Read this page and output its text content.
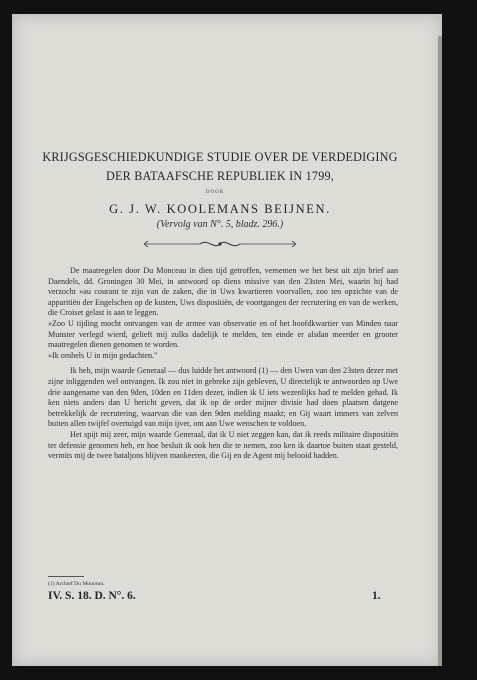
KRIJGSGESCHIEDKUNDIGE STUDIE OVER DE VERDEDIGING
DER BATAAFSCHE REPUBLIEK IN 1799,
DOOR
G. J. W. KOOLEMANS BEIJNEN.
(Vervolg van N°. 5, bladz. 296.)

De maatregelen door Du Monceau in dien tijd getroffen, vernemen we het best uit zijn brief aan Daendels, dd. Groningen 30 Mei, in antwoord op diens missive van den 23sten Mei, waarin hij had verzocht »au courant te zijn van de zaken, die in Uws kwartieren voorvallen, zoo ten opzichte van de apparitiën der Engelschen op de kusten, Uws dispositiën, de voortgangen der recrutering en van de werken, die Croiset gelast is aan te leggen.

»Zoo U tijding mocht ontvangen van de armee van observatie en of het hoofdkwartier van Minden naar Munster verlegd wierd, gelieft mij zulks dadelijk te melden, ten einde er alsdan meerder en grooter maatregelen dienen genomen te worden.

»Ik omhels U in mijn gedachten."

Ik heb, mijn waarde Generaal — dus luidde het antwoord (1) — den Uwen van den 23sten dezer met zijne inliggenden wel ontvangen. Ik zou niet in gebreke zijn gebleven, U directelijk te antwoorden op Uwe drie aangename van den 9den, 10den en 11den dezer, indien ik U iets wezenlijks had te melden gehad. Ik ken niets anders dan U bericht geven, dat ik op de order mijner divisie had doen plaatsen datgene betrekkelijk de recrutering, waarvan die van den 9den melding maakt; en Gij waart immers van zelven buiten allen twijfel overtuigd van mijn ijver, om aan Uwe wenschen te voldoen.

Het spijt mij zeer, mijn waarde Generaal, dat ik U niet zeggen kan, dat ik reeds militaire dispositiën ter defensie genomen heb, en hoe besluit ik ook hen die te nemen, zoo ken ik daartoe buiten staat gesteld, vermits mij de twee bataljons blijven mankeeren, die Gij en de Agent mij belooid hadden.

(1) Archief Du Monceau.
IV. S. 18. D. N°. 6.	1.
